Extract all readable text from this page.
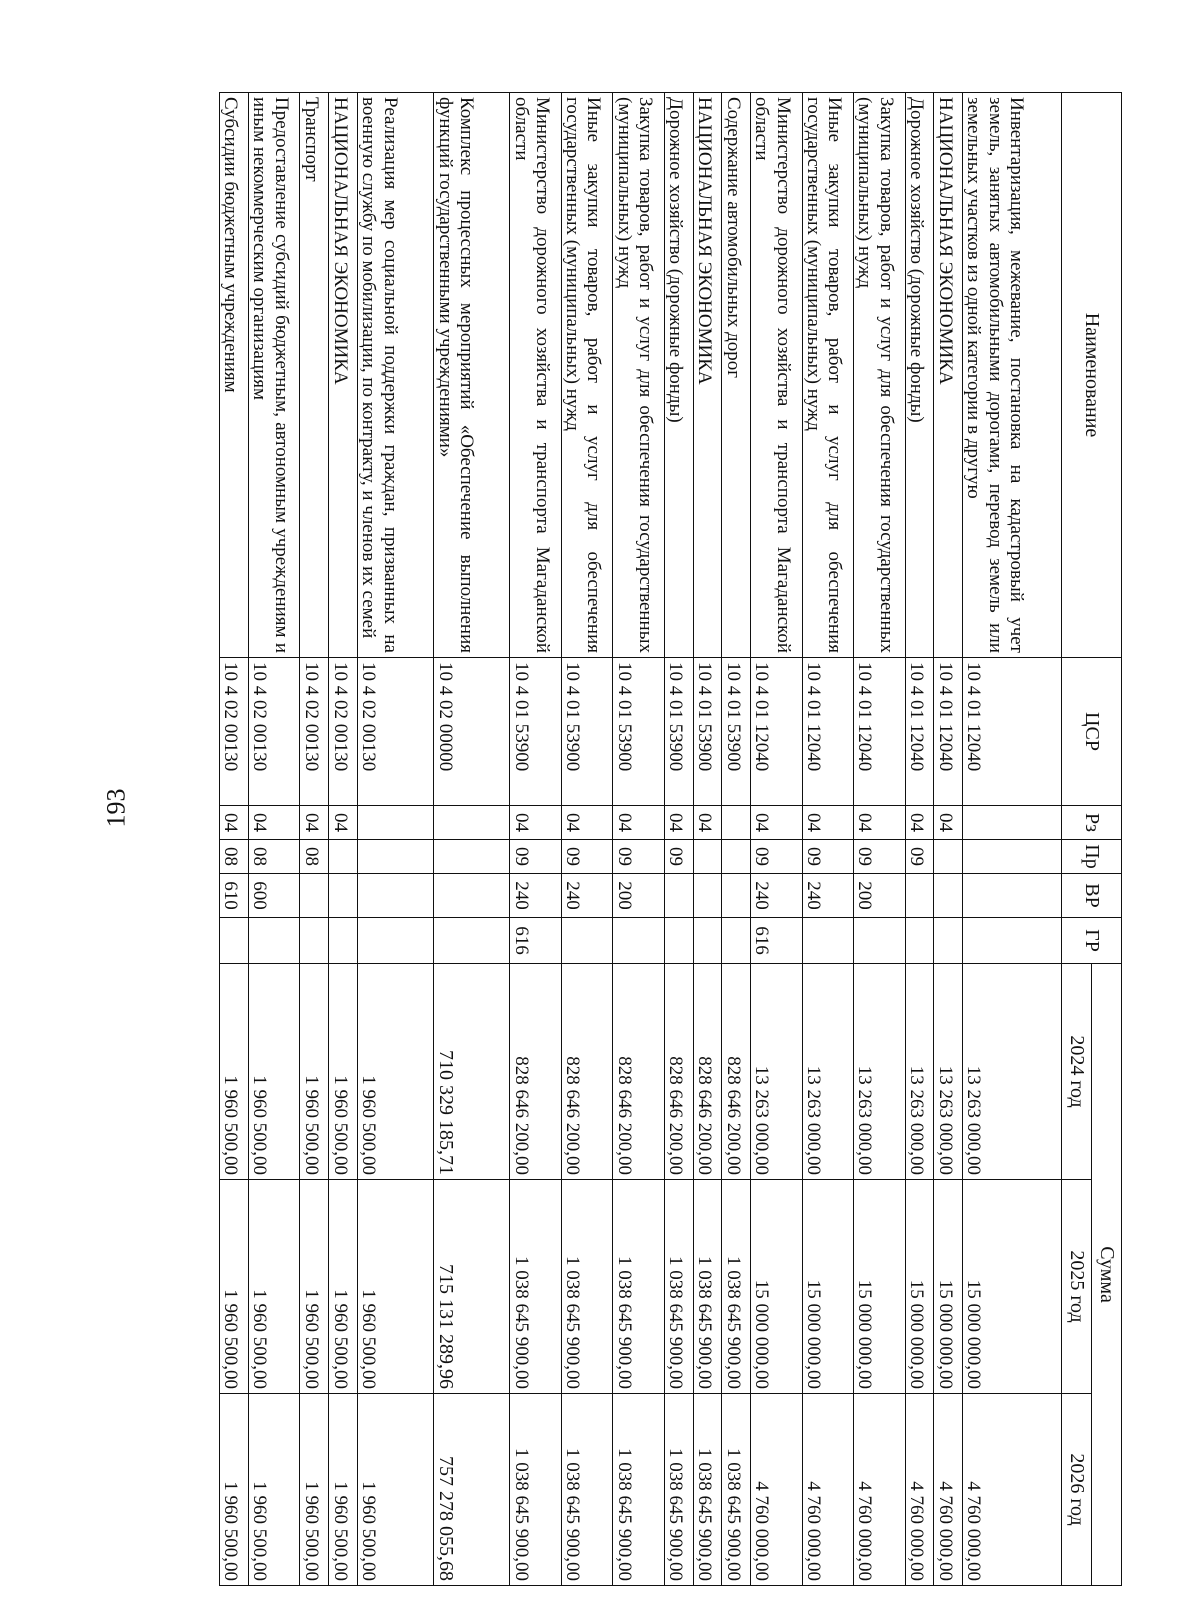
193
Наименование	ЦСР	Рз	Пр	ВР	ГР	Сумма		
						2024 год	2025 год	2026 год
Инвентаризация, межевание, постановка на кадастровый учет земель, занятых автомобильными дорогами, перевод земель или земельных участков из одной категории в другую	10 4 01 12040					13 263 000,00	15 000 000,00	4 760 000,00
НАЦИОНАЛЬНАЯ ЭКОНОМИКА	10 4 01 12040	04				13 263 000,00	15 000 000,00	4 760 000,00
Дорожное хозяйство (дорожные фонды)	10 4 01 12040	04	09			13 263 000,00	15 000 000,00	4 760 000,00
Закупка товаров, работ и услуг для обеспечения государственных (муниципальных) нужд	10 4 01 12040	04	09	200		13 263 000,00	15 000 000,00	4 760 000,00
Иные закупки товаров, работ и услуг для обеспечения государственных (муниципальных) нужд	10 4 01 12040	04	09	240		13 263 000,00	15 000 000,00	4 760 000,00
Министерство дорожного хозяйства и транспорта Магаданской области	10 4 01 12040	04	09	240	616	13 263 000,00	15 000 000,00	4 760 000,00
Содержание автомобильных дорог	10 4 01 53900					828 646 200,00	1 038 645 900,00	1 038 645 900,00
НАЦИОНАЛЬНАЯ ЭКОНОМИКА	10 4 01 53900	04				828 646 200,00	1 038 645 900,00	1 038 645 900,00
Дорожное хозяйство (дорожные фонды)	10 4 01 53900	04	09			828 646 200,00	1 038 645 900,00	1 038 645 900,00
Закупка товаров, работ и услуг для обеспечения государственных (муниципальных) нужд	10 4 01 53900	04	09	200		828 646 200,00	1 038 645 900,00	1 038 645 900,00
Иные закупки товаров, работ и услуг для обеспечения государственных (муниципальных) нужд	10 4 01 53900	04	09	240		828 646 200,00	1 038 645 900,00	1 038 645 900,00
Министерство дорожного хозяйства и транспорта Магаданской области	10 4 01 53900	04	09	240	616	828 646 200,00	1 038 645 900,00	1 038 645 900,00
Комплекс процессных мероприятий «Обеспечение выполнения функций государственными учреждениями»	10 4 02 00000					710 329 185,71	715 131 289,96	757 278 055,68
Реализация мер социальной поддержки граждан, призванных на военную службу по мобилизации, по контракту, и членов их семей	10 4 02 00130					1 960 500,00	1 960 500,00	1 960 500,00
НАЦИОНАЛЬНАЯ ЭКОНОМИКА	10 4 02 00130	04				1 960 500,00	1 960 500,00	1 960 500,00
Транспорт	10 4 02 00130	04	08			1 960 500,00	1 960 500,00	1 960 500,00
Предоставление субсидий бюджетным, автономным учреждениям и иным некоммерческим организациям	10 4 02 00130	04	08	600		1 960 500,00	1 960 500,00	1 960 500,00
Субсидии бюджетным учреждениям	10 4 02 00130	04	08	610		1 960 500,00	1 960 500,00	1 960 500,00
